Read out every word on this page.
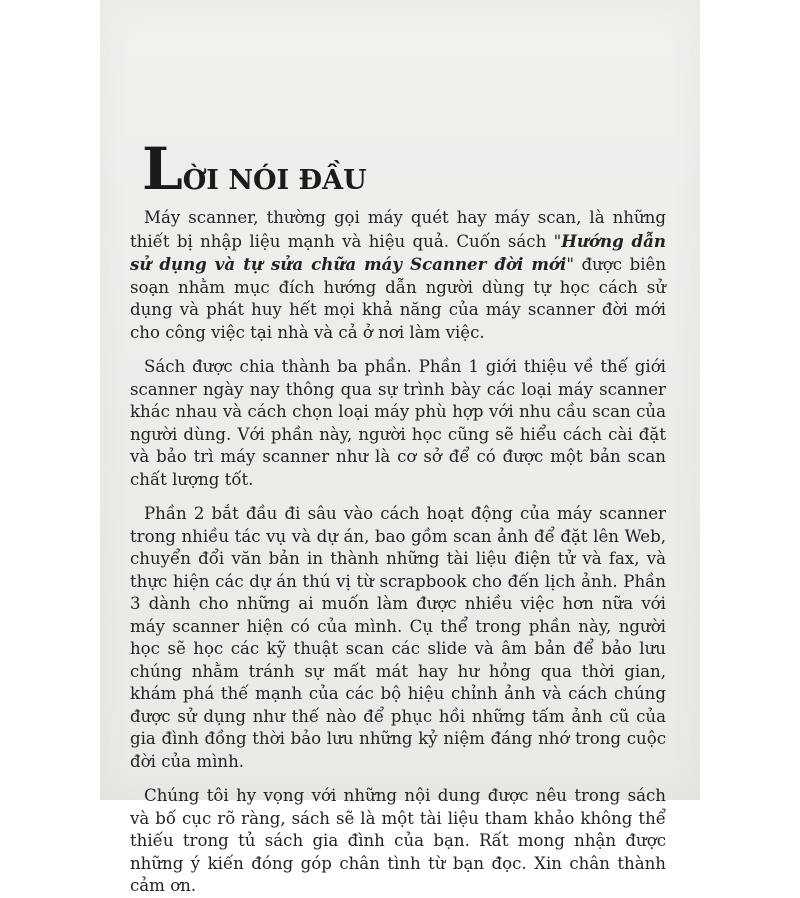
LỜI NÓI ĐẦU

Máy scanner, thường gọi máy quét hay máy scan, là những thiết bị nhập liệu mạnh và hiệu quả. Cuốn sách "Hướng dẫn sử dụng và tự sửa chữa máy Scanner đời mới" được biên soạn nhằm mục đích hướng dẫn người dùng tự học cách sử dụng và phát huy hết mọi khả năng của máy scanner đời mới cho công việc tại nhà và cả ở nơi làm việc.

Sách được chia thành ba phần. Phần 1 giới thiệu về thế giới scanner ngày nay thông qua sự trình bày các loại máy scanner khác nhau và cách chọn loại máy phù hợp với nhu cầu scan của người dùng. Với phần này, người học cũng sẽ hiểu cách cài đặt và bảo trì máy scanner như là cơ sở để có được một bản scan chất lượng tốt.

Phần 2 bắt đầu đi sâu vào cách hoạt động của máy scanner trong nhiều tác vụ và dự án, bao gồm scan ảnh để đặt lên Web, chuyển đổi văn bản in thành những tài liệu điện tử và fax, và thực hiện các dự án thú vị từ scrapbook cho đến lịch ảnh. Phần 3 dành cho những ai muốn làm được nhiều việc hơn nữa với máy scanner hiện có của mình. Cụ thể trong phần này, người học sẽ học các kỹ thuật scan các slide và âm bản để bảo lưu chúng nhằm tránh sự mất mát hay hư hỏng qua thời gian, khám phá thế mạnh của các bộ hiệu chỉnh ảnh và cách chúng được sử dụng như thế nào để phục hồi những tấm ảnh cũ của gia đình đồng thời bảo lưu những kỷ niệm đáng nhớ trong cuộc đời của mình.

Chúng tôi hy vọng với những nội dung được nêu trong sách và bố cục rõ ràng, sách sẽ là một tài liệu tham khảo không thể thiếu trong tủ sách gia đình của bạn. Rất mong nhận được những ý kiến đóng góp chân tình từ bạn đọc. Xin chân thành cảm ơn.
